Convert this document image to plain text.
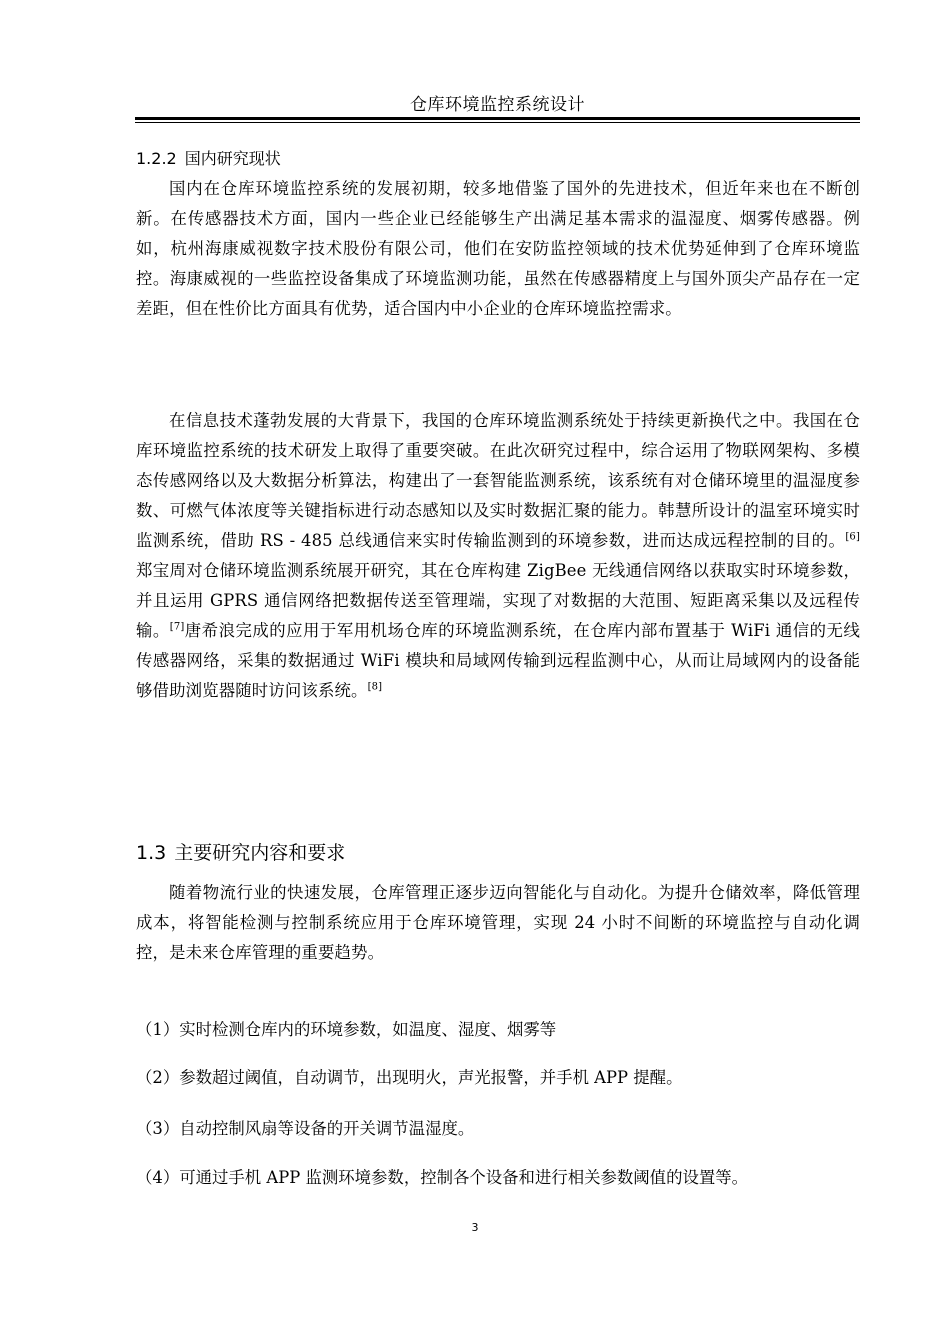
仓库环境监控系统设计
1.2.2 国内研究现状

国内在仓库环境监控系统的发展初期，较多地借鉴了国外的先进技术，但近年来也在不断创新。在传感器技术方面，国内一些企业已经能够生产出满足基本需求的温湿度、烟雾传感器。例如，杭州海康威视数字技术股份有限公司，他们在安防监控领域的技术优势延伸到了仓库环境监控。海康威视的一些监控设备集成了环境监测功能，虽然在传感器精度上与国外顶尖产品存在一定差距，但在性价比方面具有优势，适合国内中小企业的仓库环境监控需求。

在信息技术蓬勃发展的大背景下，我国的仓库环境监测系统处于持续更新换代之中。我国在仓库环境监控系统的技术研发上取得了重要突破。在此次研究过程中，综合运用了物联网架构、多模态传感网络以及大数据分析算法，构建出了一套智能监测系统，该系统有对仓储环境里的温湿度参数、可燃气体浓度等关键指标进行动态感知以及实时数据汇聚的能力。韩慧所设计的温室环境实时监测系统，借助 RS - 485 总线通信来实时传输监测到的环境参数，进而达成远程控制的目的。[6]郑宝周对仓储环境监测系统展开研究，其在仓库构建 ZigBee 无线通信网络以获取实时环境参数，并且运用 GPRS 通信网络把数据传送至管理端，实现了对数据的大范围、短距离采集以及远程传输。[7]唐希浪完成的应用于军用机场仓库的环境监测系统，在仓库内部布置基于 WiFi 通信的无线传感器网络，采集的数据通过 WiFi 模块和局域网传输到远程监测中心，从而让局域网内的设备能够借助浏览器随时访问该系统。[8]

1.3 主要研究内容和要求

随着物流行业的快速发展，仓库管理正逐步迈向智能化与自动化。为提升仓储效率，降低管理成本，将智能检测与控制系统应用于仓库环境管理，实现 24 小时不间断的环境监控与自动化调控，是未来仓库管理的重要趋势。

（1）实时检测仓库内的环境参数，如温度、湿度、烟雾等
（2）参数超过阈值，自动调节，出现明火，声光报警，并手机 APP 提醒。
（3）自动控制风扇等设备的开关调节温湿度。
（4）可通过手机 APP 监测环境参数，控制各个设备和进行相关参数阈值的设置等。
3
